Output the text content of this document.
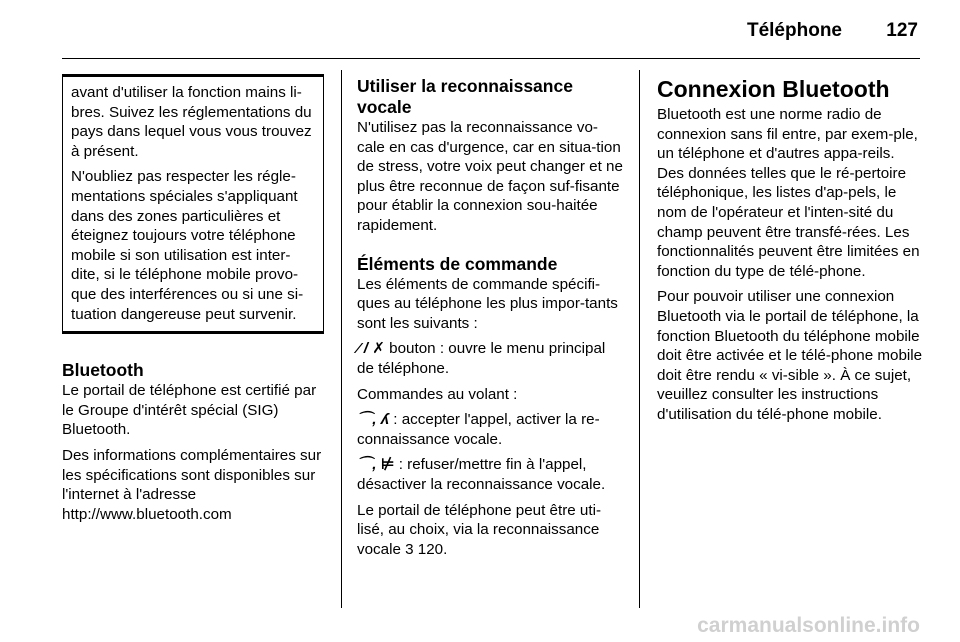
Téléphone 127

avant d'utiliser la fonction mains li-bres. Suivez les réglementations du pays dans lequel vous vous trouvez à présent.

N'oubliez pas respecter les régle-mentations spéciales s'appliquant dans des zones particulières et éteignez toujours votre téléphone mobile si son utilisation est inter-dite, si le téléphone mobile provo-que des interférences ou si une si-tuation dangereuse peut survenir.

Bluetooth

Le portail de téléphone est certifié par le Groupe d'intérêt spécial (SIG) Bluetooth.

Des informations complémentaires sur les spécifications sont disponibles sur l'internet à l'adresse

http://www.bluetooth.com

Utiliser la reconnaissance vocale

N'utilisez pas la reconnaissance vo-cale en cas d'urgence, car en situa-tion de stress, votre voix peut changer et ne plus être reconnue de façon suf-fisante pour établir la connexion sou-haitée rapidement.

Éléments de commande

Les éléments de commande spécifi-ques au téléphone les plus impor-tants sont les suivants :

⁄ / ✗ bouton : ouvre le menu principal de téléphone.

Commandes au volant :

⌒, ʎ : accepter l'appel, activer la re-connaissance vocale.

⌒, ⊭ : refuser/mettre fin à l'appel, désactiver la reconnaissance vocale.

Le portail de téléphone peut être uti-lisé, au choix, via la reconnaissance vocale 3 120.

Connexion Bluetooth

Bluetooth est une norme radio de connexion sans fil entre, par exem-ple, un téléphone et d'autres appa-reils. Des données telles que le ré-pertoire téléphonique, les listes d'ap-pels, le nom de l'opérateur et l'inten-sité du champ peuvent être transfé-rées. Les fonctionnalités peuvent être limitées en fonction du type de télé-phone.

Pour pouvoir utiliser une connexion Bluetooth via le portail de téléphone, la fonction Bluetooth du téléphone mobile doit être activée et le télé-phone mobile doit être rendu « vi-sible ». À ce sujet, veuillez consulter les instructions d'utilisation du télé-phone mobile.

carmanualsonline.info
